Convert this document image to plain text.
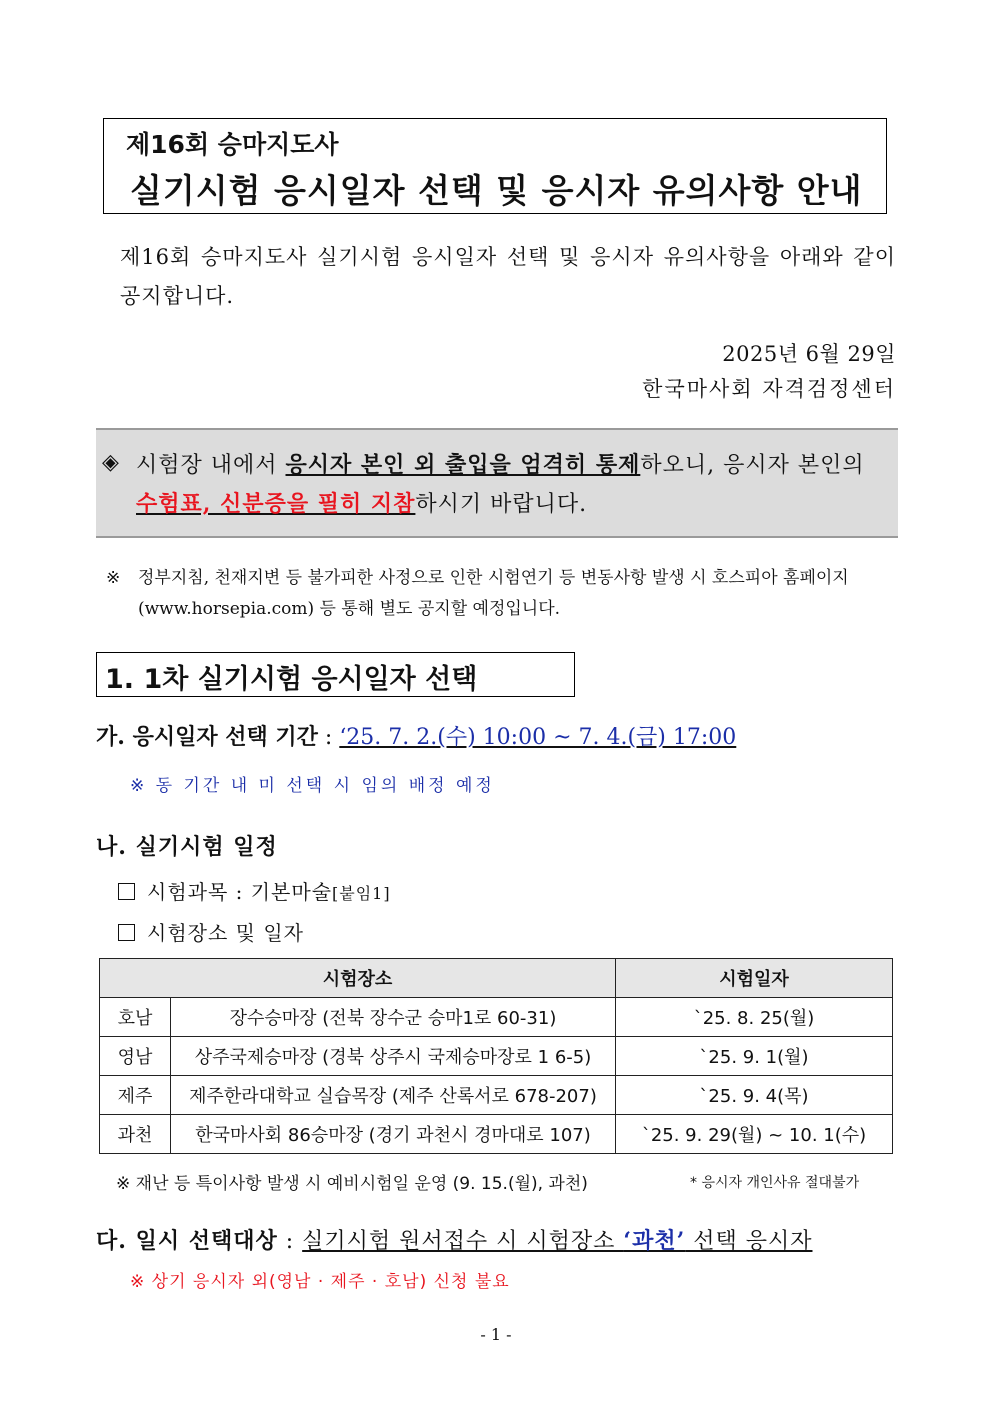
제16회 승마지도사
실기시험 응시일자 선택 및 응시자 유의사항 안내
제16회 승마지도사 실기시험 응시일자 선택 및 응시자 유의사항을 아래와 같이 공지합니다.
2025년 6월 29일
한국마사회 자격검정센터
◈ 시험장 내에서 응시자 본인 외 출입을 엄격히 통제하오니, 응시자 본인의 수험표, 신분증을 필히 지참하시기 바랍니다.
※ 정부지침, 천재지변 등 불가피한 사정으로 인한 시험연기 등 변동사항 발생 시 호스피아 홈페이지(www.horsepia.com) 등 통해 별도 공지할 예정입니다.
1. 1차 실기시험 응시일자 선택
가. 응시일자 선택 기간 : ‘25. 7. 2.(수) 10:00 ~ 7. 4.(금) 17:00
※ 동 기간 내 미 선택 시 임의 배정 예정
나. 실기시험 일정
시험과목 : 기본마술[붙임1]
시험장소 및 일자
시험장소		시험일자
호남	장수승마장 (전북 장수군 승마1로 60-31)	`25. 8. 25(월)
영남	상주국제승마장 (경북 상주시 국제승마장로 1 6-5)	`25. 9. 1(월)
제주	제주한라대학교 실습목장 (제주 산록서로 678-207)	`25. 9. 4(목)
과천	한국마사회 86승마장 (경기 과천시 경마대로 107)	`25. 9. 29(월) ~ 10. 1(수)
※ 재난 등 특이사항 발생 시 예비시험일 운영 (9. 15.(월), 과천)	* 응시자 개인사유 절대불가
다. 일시 선택대상 : 실기시험 원서접수 시 시험장소 ‘과천’ 선택 응시자
※ 상기 응시자 외(영남 · 제주 · 호남) 신청 불요
- 1 -
